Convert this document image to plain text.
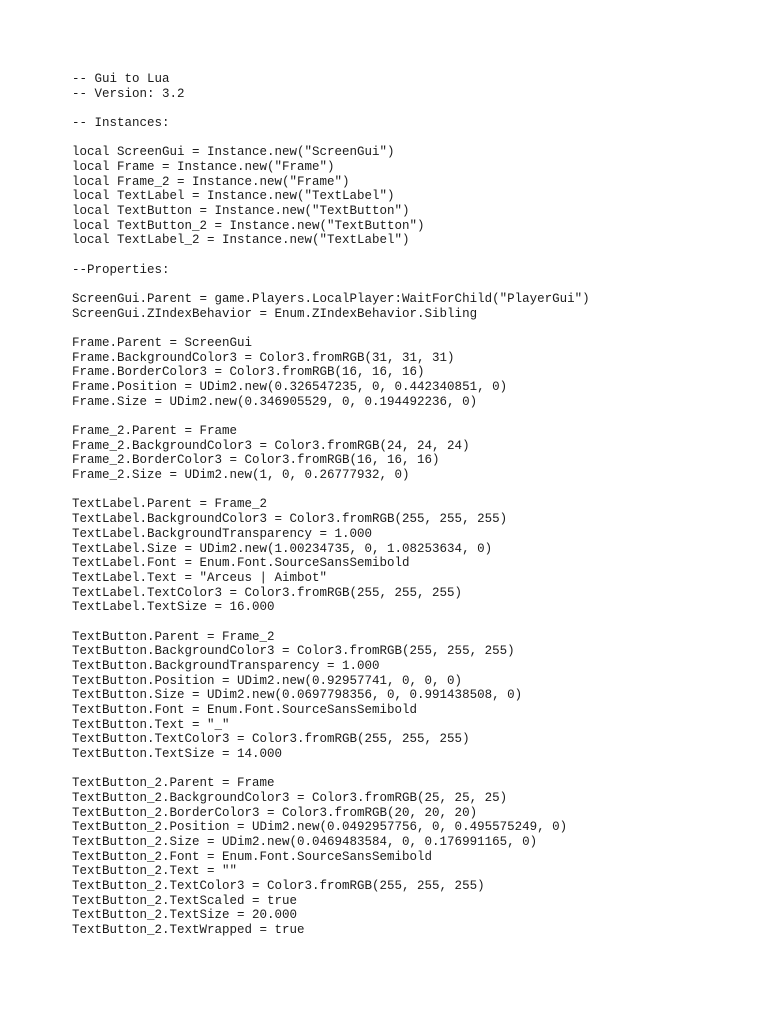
-- Gui to Lua
-- Version: 3.2
-- Instances:
local ScreenGui = Instance.new("ScreenGui")
local Frame = Instance.new("Frame")
local Frame_2 = Instance.new("Frame")
local TextLabel = Instance.new("TextLabel")
local TextButton = Instance.new("TextButton")
local TextButton_2 = Instance.new("TextButton")
local TextLabel_2 = Instance.new("TextLabel")
--Properties:
ScreenGui.Parent = game.Players.LocalPlayer:WaitForChild("PlayerGui")
ScreenGui.ZIndexBehavior = Enum.ZIndexBehavior.Sibling
Frame.Parent = ScreenGui
Frame.BackgroundColor3 = Color3.fromRGB(31, 31, 31)
Frame.BorderColor3 = Color3.fromRGB(16, 16, 16)
Frame.Position = UDim2.new(0.326547235, 0, 0.442340851, 0)
Frame.Size = UDim2.new(0.346905529, 0, 0.194492236, 0)
Frame_2.Parent = Frame
Frame_2.BackgroundColor3 = Color3.fromRGB(24, 24, 24)
Frame_2.BorderColor3 = Color3.fromRGB(16, 16, 16)
Frame_2.Size = UDim2.new(1, 0, 0.26777932, 0)
TextLabel.Parent = Frame_2
TextLabel.BackgroundColor3 = Color3.fromRGB(255, 255, 255)
TextLabel.BackgroundTransparency = 1.000
TextLabel.Size = UDim2.new(1.00234735, 0, 1.08253634, 0)
TextLabel.Font = Enum.Font.SourceSansSemibold
TextLabel.Text = "Arceus | Aimbot"
TextLabel.TextColor3 = Color3.fromRGB(255, 255, 255)
TextLabel.TextSize = 16.000
TextButton.Parent = Frame_2
TextButton.BackgroundColor3 = Color3.fromRGB(255, 255, 255)
TextButton.BackgroundTransparency = 1.000
TextButton.Position = UDim2.new(0.92957741, 0, 0, 0)
TextButton.Size = UDim2.new(0.0697798356, 0, 0.991438508, 0)
TextButton.Font = Enum.Font.SourceSansSemibold
TextButton.Text = "_"
TextButton.TextColor3 = Color3.fromRGB(255, 255, 255)
TextButton.TextSize = 14.000
TextButton_2.Parent = Frame
TextButton_2.BackgroundColor3 = Color3.fromRGB(25, 25, 25)
TextButton_2.BorderColor3 = Color3.fromRGB(20, 20, 20)
TextButton_2.Position = UDim2.new(0.0492957756, 0, 0.495575249, 0)
TextButton_2.Size = UDim2.new(0.0469483584, 0, 0.176991165, 0)
TextButton_2.Font = Enum.Font.SourceSansSemibold
TextButton_2.Text = ""
TextButton_2.TextColor3 = Color3.fromRGB(255, 255, 255)
TextButton_2.TextScaled = true
TextButton_2.TextSize = 20.000
TextButton_2.TextWrapped = true
